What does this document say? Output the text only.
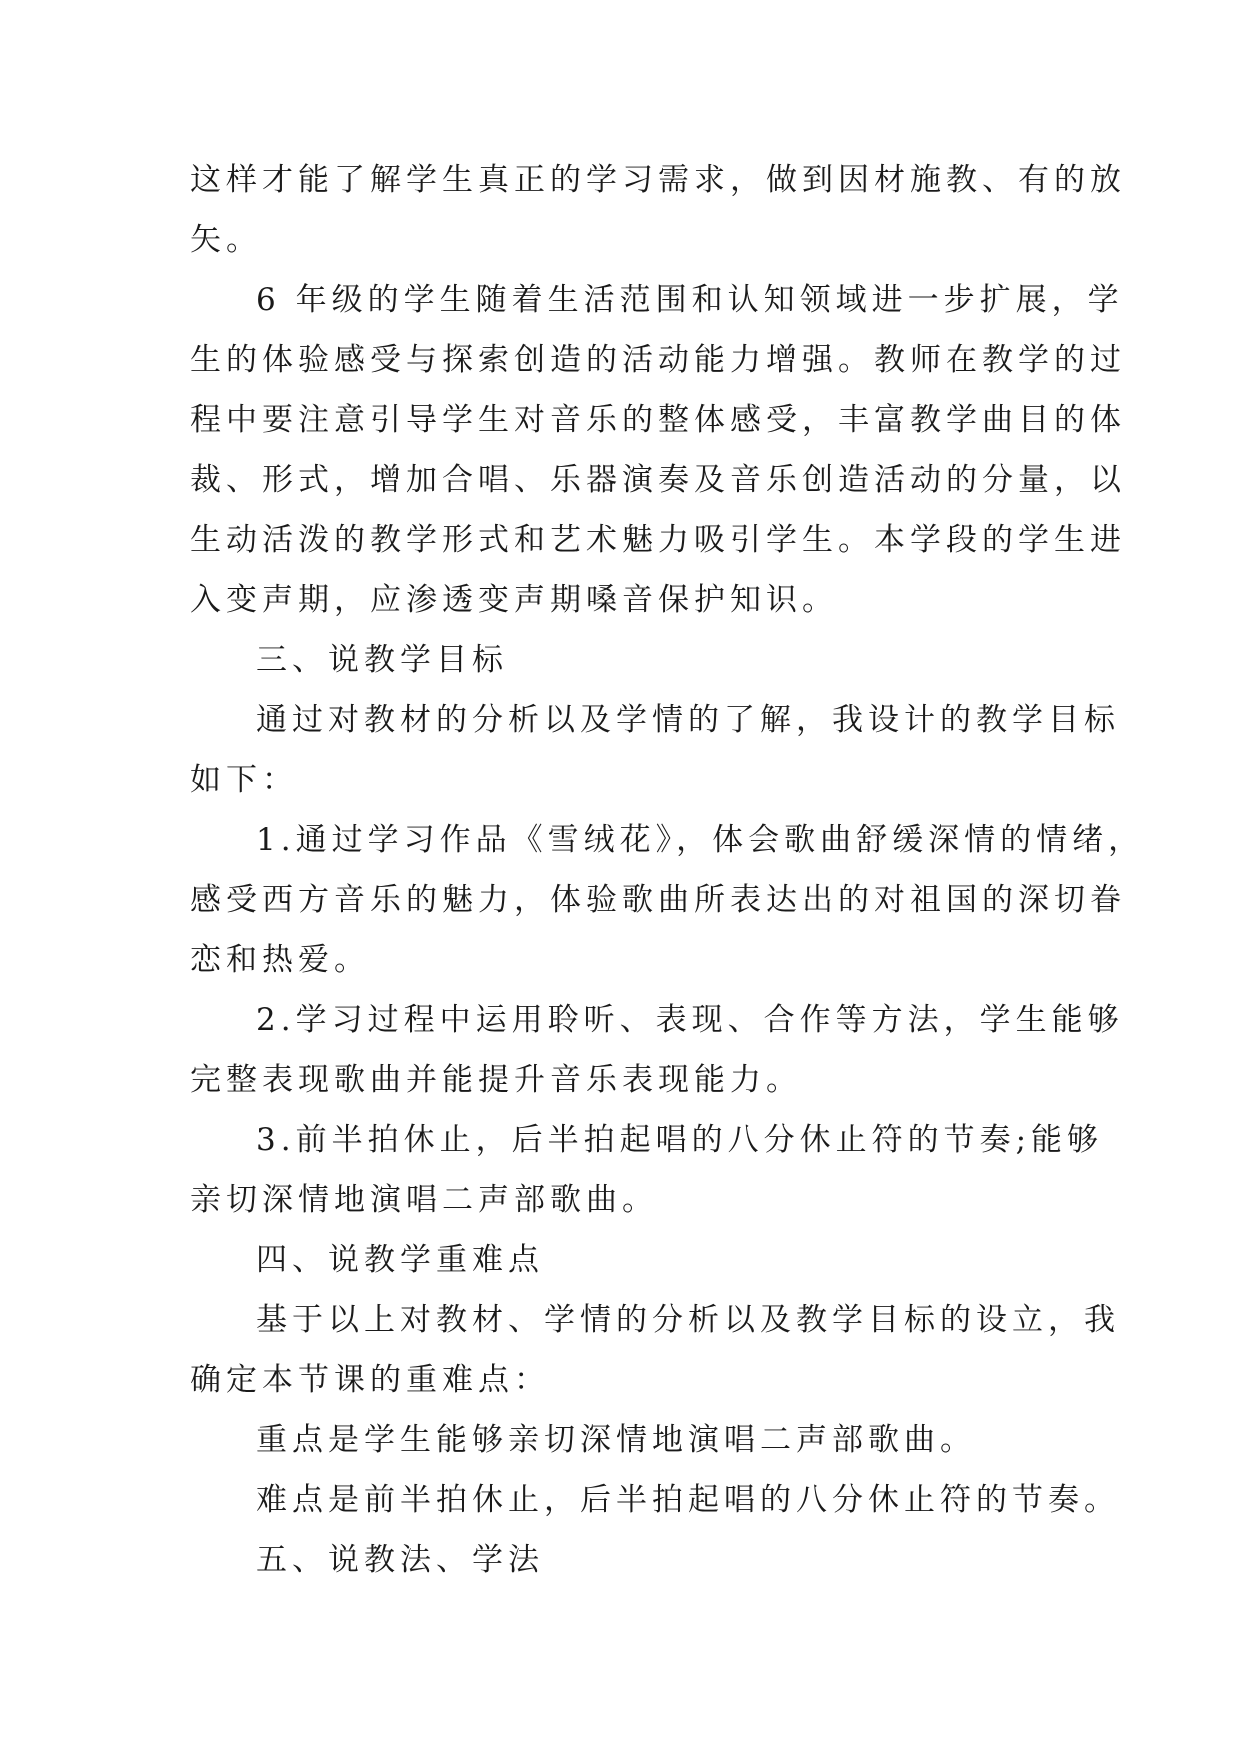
这样才能了解学生真正的学习需求，做到因材施教、有的放
矢。
6 年级的学生随着生活范围和认知领域进一步扩展，学
生的体验感受与探索创造的活动能力增强。教师在教学的过
程中要注意引导学生对音乐的整体感受，丰富教学曲目的体
裁、形式，增加合唱、乐器演奏及音乐创造活动的分量，以
生动活泼的教学形式和艺术魅力吸引学生。本学段的学生进
入变声期，应渗透变声期嗓音保护知识。
三、说教学目标
通过对教材的分析以及学情的了解，我设计的教学目标
如下：
1.通过学习作品《雪绒花》，体会歌曲舒缓深情的情绪，
感受西方音乐的魅力，体验歌曲所表达出的对祖国的深切眷
恋和热爱。
2.学习过程中运用聆听、表现、合作等方法，学生能够
完整表现歌曲并能提升音乐表现能力。
3.前半拍休止，后半拍起唱的八分休止符的节奏;能够
亲切深情地演唱二声部歌曲。
四、说教学重难点
基于以上对教材、学情的分析以及教学目标的设立，我
确定本节课的重难点：
重点是学生能够亲切深情地演唱二声部歌曲。
难点是前半拍休止，后半拍起唱的八分休止符的节奏。
五、说教法、学法
